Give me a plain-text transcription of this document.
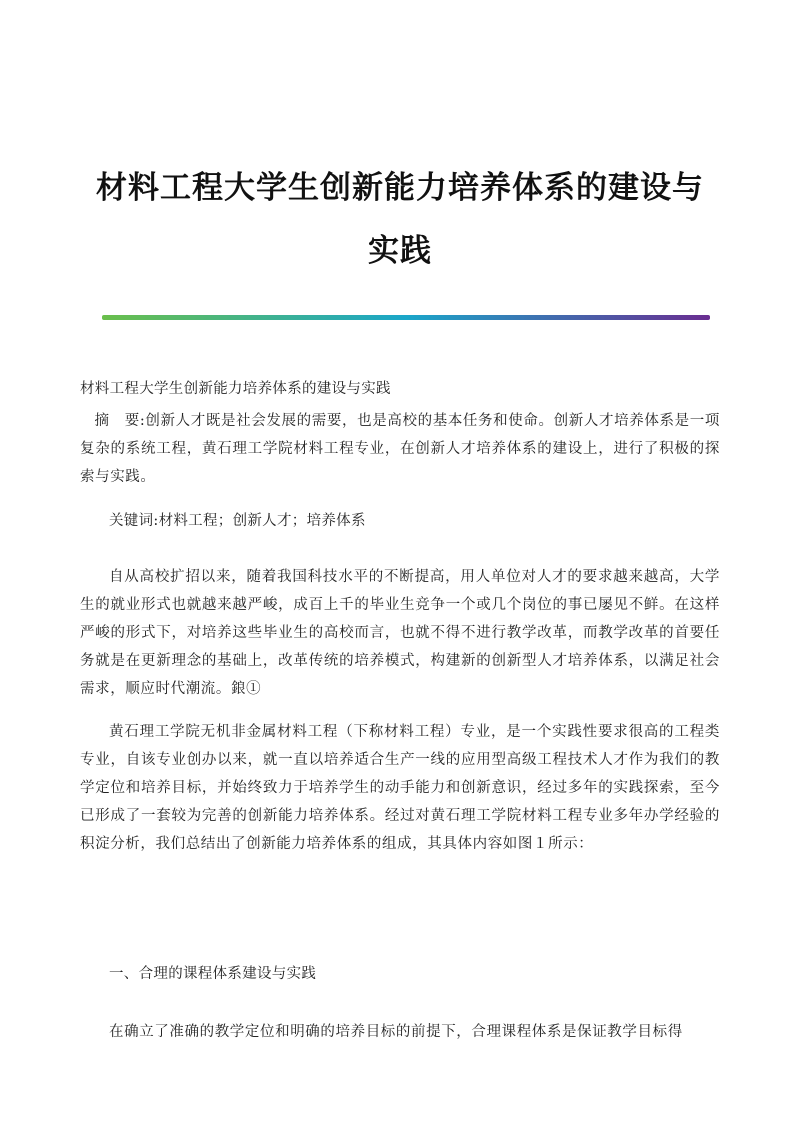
材料工程大学生创新能力培养体系的建设与
实践
材料工程大学生创新能力培养体系的建设与实践
摘　要:创新人才既是社会发展的需要，也是高校的基本任务和使命。创新人才培养体系是一项复杂的系统工程，黄石理工学院材料工程专业，在创新人才培养体系的建设上，进行了积极的探索与实践。
关键词:材料工程；创新人才；培养体系
自从高校扩招以来，随着我国科技水平的不断提高，用人单位对人才的要求越来越高，大学生的就业形式也就越来越严峻，成百上千的毕业生竞争一个或几个岗位的事已屡见不鲜。在这样严峻的形式下，对培养这些毕业生的高校而言，也就不得不进行教学改革，而教学改革的首要任务就是在更新理念的基础上，改革传统的培养模式，构建新的创新型人才培养体系，以满足社会需求，顺应时代潮流。鋃①
黄石理工学院无机非金属材料工程（下称材料工程）专业，是一个实践性要求很高的工程类专业，自该专业创办以来，就一直以培养适合生产一线的应用型高级工程技术人才作为我们的教学定位和培养目标，并始终致力于培养学生的动手能力和创新意识，经过多年的实践探索，至今已形成了一套较为完善的创新能力培养体系。经过对黄石理工学院材料工程专业多年办学经验的积淀分析，我们总结出了创新能力培养体系的组成，其具体内容如图１所示：
一、合理的课程体系建设与实践
在确立了准确的教学定位和明确的培养目标的前提下，合理课程体系是保证教学目标得
